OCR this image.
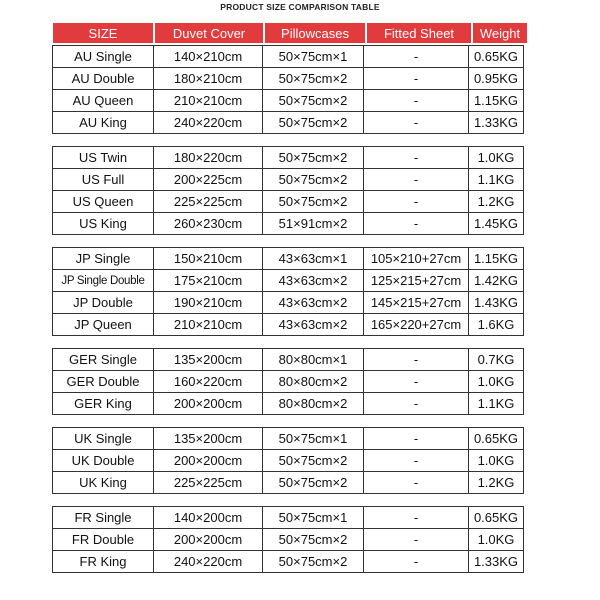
PRODUCT SIZE COMPARISON TABLE
SIZE	Duvet Cover	Pillowcases	Fitted Sheet	Weight
AU Single	140×210cm	50×75cm×1	-	0.65KG
AU Double	180×210cm	50×75cm×2	-	0.95KG
AU Queen	210×210cm	50×75cm×2	-	1.15KG
AU King	240×220cm	50×75cm×2	-	1.33KG
US Twin	180×220cm	50×75cm×2	-	1.0KG
US Full	200×225cm	50×75cm×2	-	1.1KG
US Queen	225×225cm	50×75cm×2	-	1.2KG
US King	260×230cm	51×91cm×2	-	1.45KG
JP Single	150×210cm	43×63cm×1	105×210+27cm 1.15KG
JP Single Double	175×210cm	43×63cm×2	125×215+27cm 1.42KG
JP Double	190×210cm	43×63cm×2	145×215+27cm 1.43KG
JP Queen	210×210cm	43×63cm×2	165×220+27cm	1.6KG
GER Single	135×200cm	80×80cm×1	-	0.7KG
GER Double	160×220cm	80×80cm×2	-	1.0KG
GER King	200×200cm	80×80cm×2	-	1.1KG
UK Single	135×200cm	50×75cm×1	-	0.65KG
UK Double	200×200cm	50×75cm×2	-	1.0KG
UK King	225×225cm	50×75cm×2	-	1.2KG
FR Single	140×200cm	50×75cm×1	-	0.65KG
FR Double	200×200cm	50×75cm×2	-	1.0KG
FR King	240×220cm	50×75cm×2	-	1.33KG
